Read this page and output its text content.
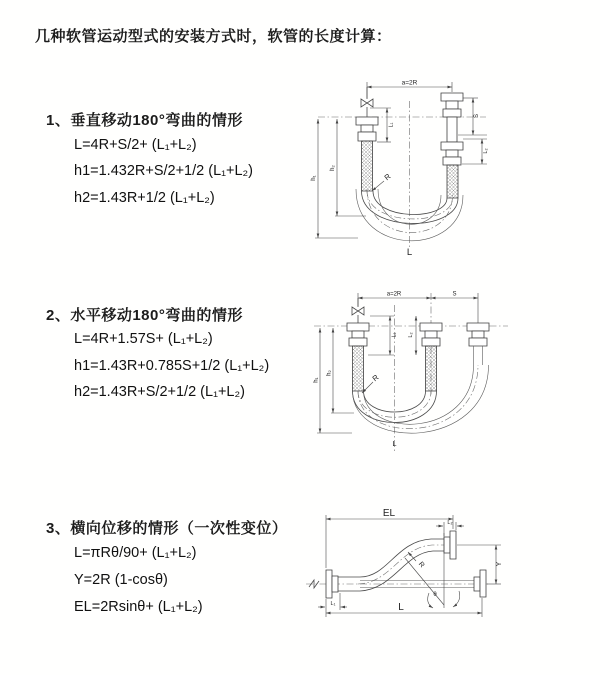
几种软管运动型式的安装方式时，软管的长度计算：
1、垂直移动180°弯曲的情形
L=4R+S/2+ (L₁+L₂)
h1=1.432R+S/2+1/2 (L₁+L₂)
h2=1.43R+1/2 (L₁+L₂)
2、水平移动180°弯曲的情形
L=4R+1.57S+ (L₁+L₂)
h1=1.43R+0.785S+1/2 (L₁+L₂)
h2=1.43R+S/2+1/2 (L₁+L₂)
3、横向位移的情形（一次性变位）
L=πRθ/90+ (L₁+L₂)
Y=2R (1-cosθ)
EL=2Rsinθ+ (L₁+L₂)
a=2R
h₁
h₂
L₁
S
L₂
R
L
a=2R	S
h₁
h₂
L₁ L₂
R
L
EL
L₂
Y
θ
R
L
L₁
